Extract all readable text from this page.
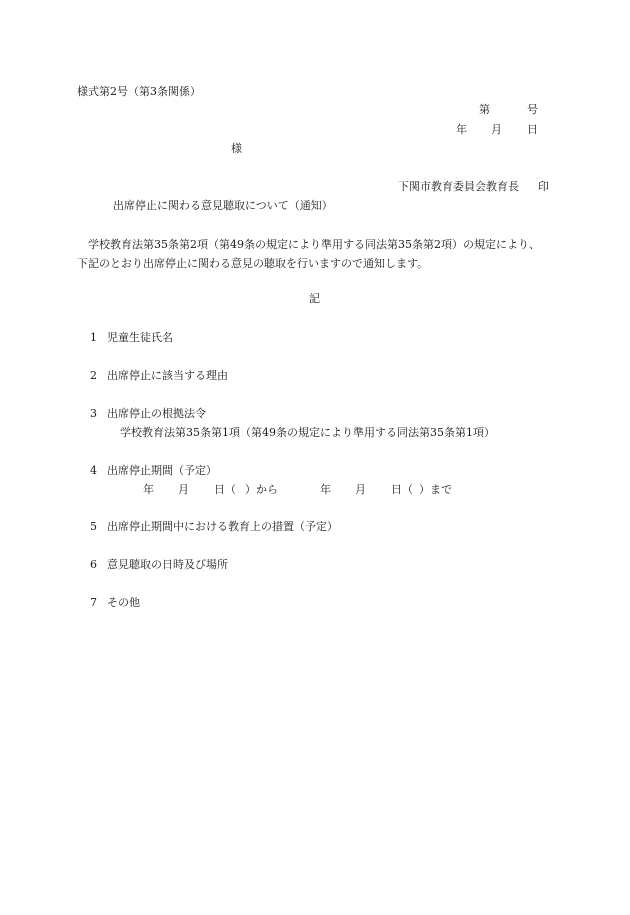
様式第2号（第3条関係）
第	号
年 月 日
様
下関市教育委員会教育長 印
出席停止に関わる意見聴取について（通知）
学校教育法第35条第2項（第49条の規定により準用する同法第35条第2項）の規定により、
下記のとおり出席停止に関わる意見の聴取を行いますので通知します。
記
1 児童生徒氏名
2 出席停止に該当する理由
3 出席停止の根拠法令
学校教育法第35条第1項（第49条の規定により準用する同法第35条第1項）
4 出席停止期間（予定）
年 月 日（ ）から	年 月 日（ ）まで
5 出席停止期間中における教育上の措置（予定）
6 意見聴取の日時及び場所
7 その他
